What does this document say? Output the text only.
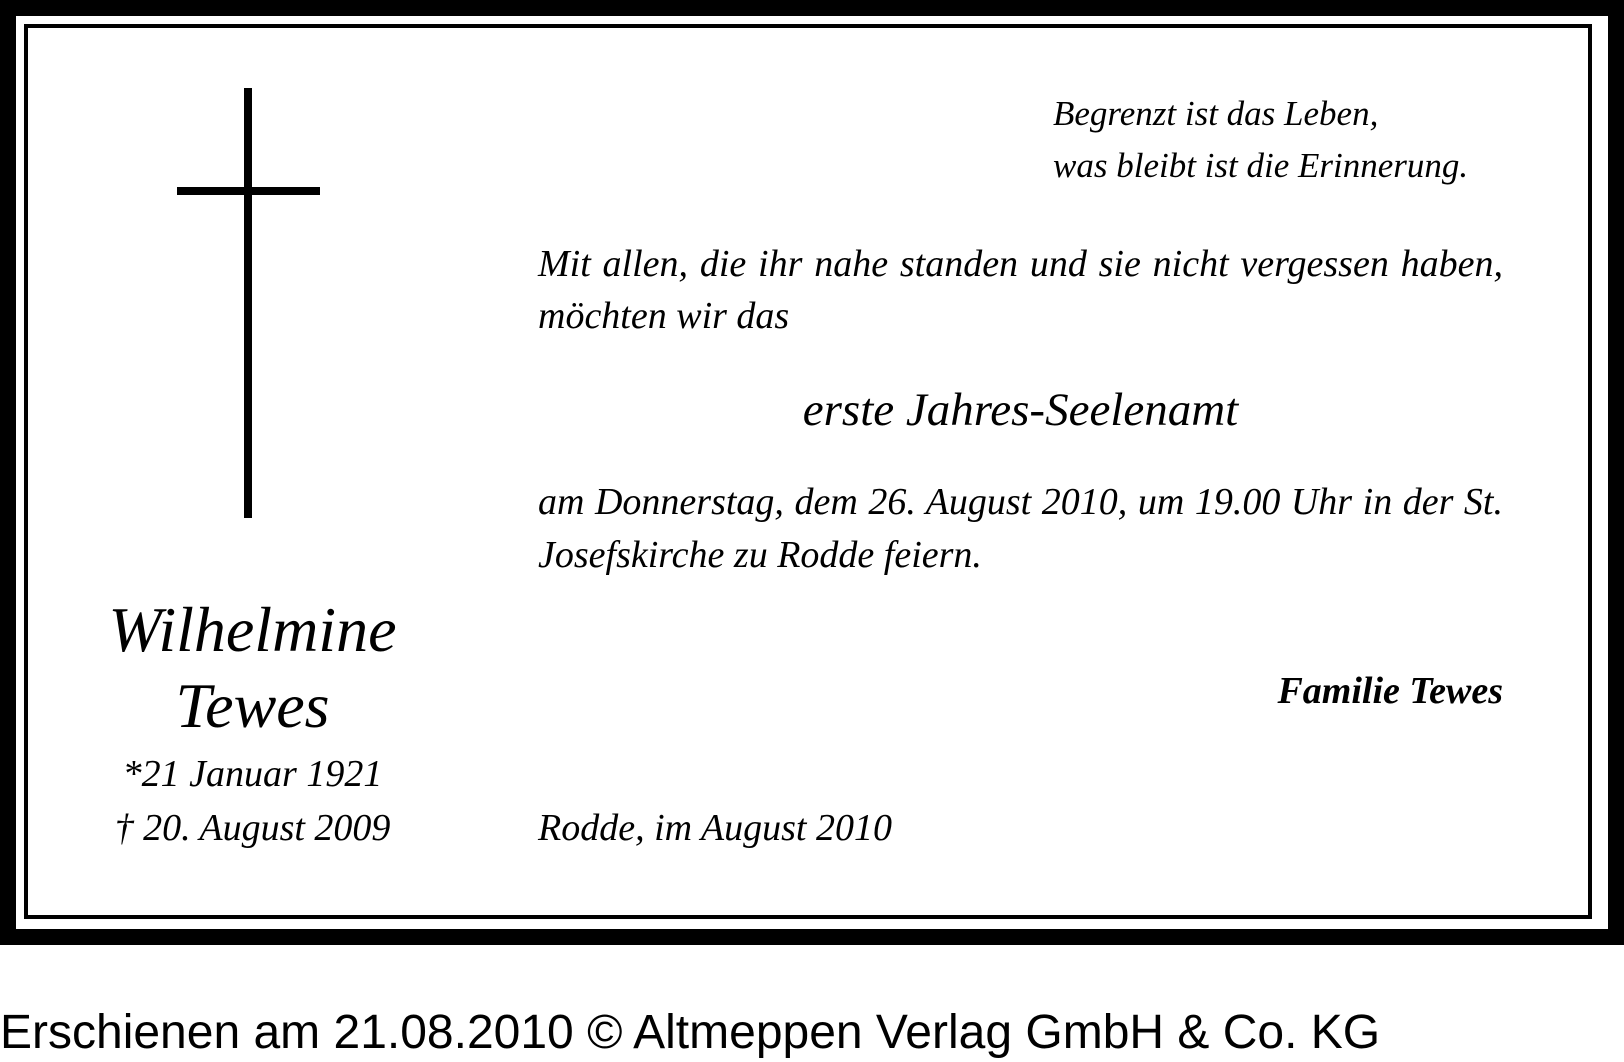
Begrenzt ist das Leben,
was bleibt ist die Erinnerung.
Mit allen, die ihr nahe standen und sie nicht vergessen haben, möchten wir das
erste Jahres-Seelenamt
am Donnerstag, dem 26. August 2010, um 19.00 Uhr in der St. Josefskirche zu Rodde feiern.
Familie Tewes
Wilhelmine
Tewes
*21 Januar 1921
† 20. August 2009	Rodde, im August 2010
Erschienen am 21.08.2010 © Altmeppen Verlag GmbH & Co. KG
